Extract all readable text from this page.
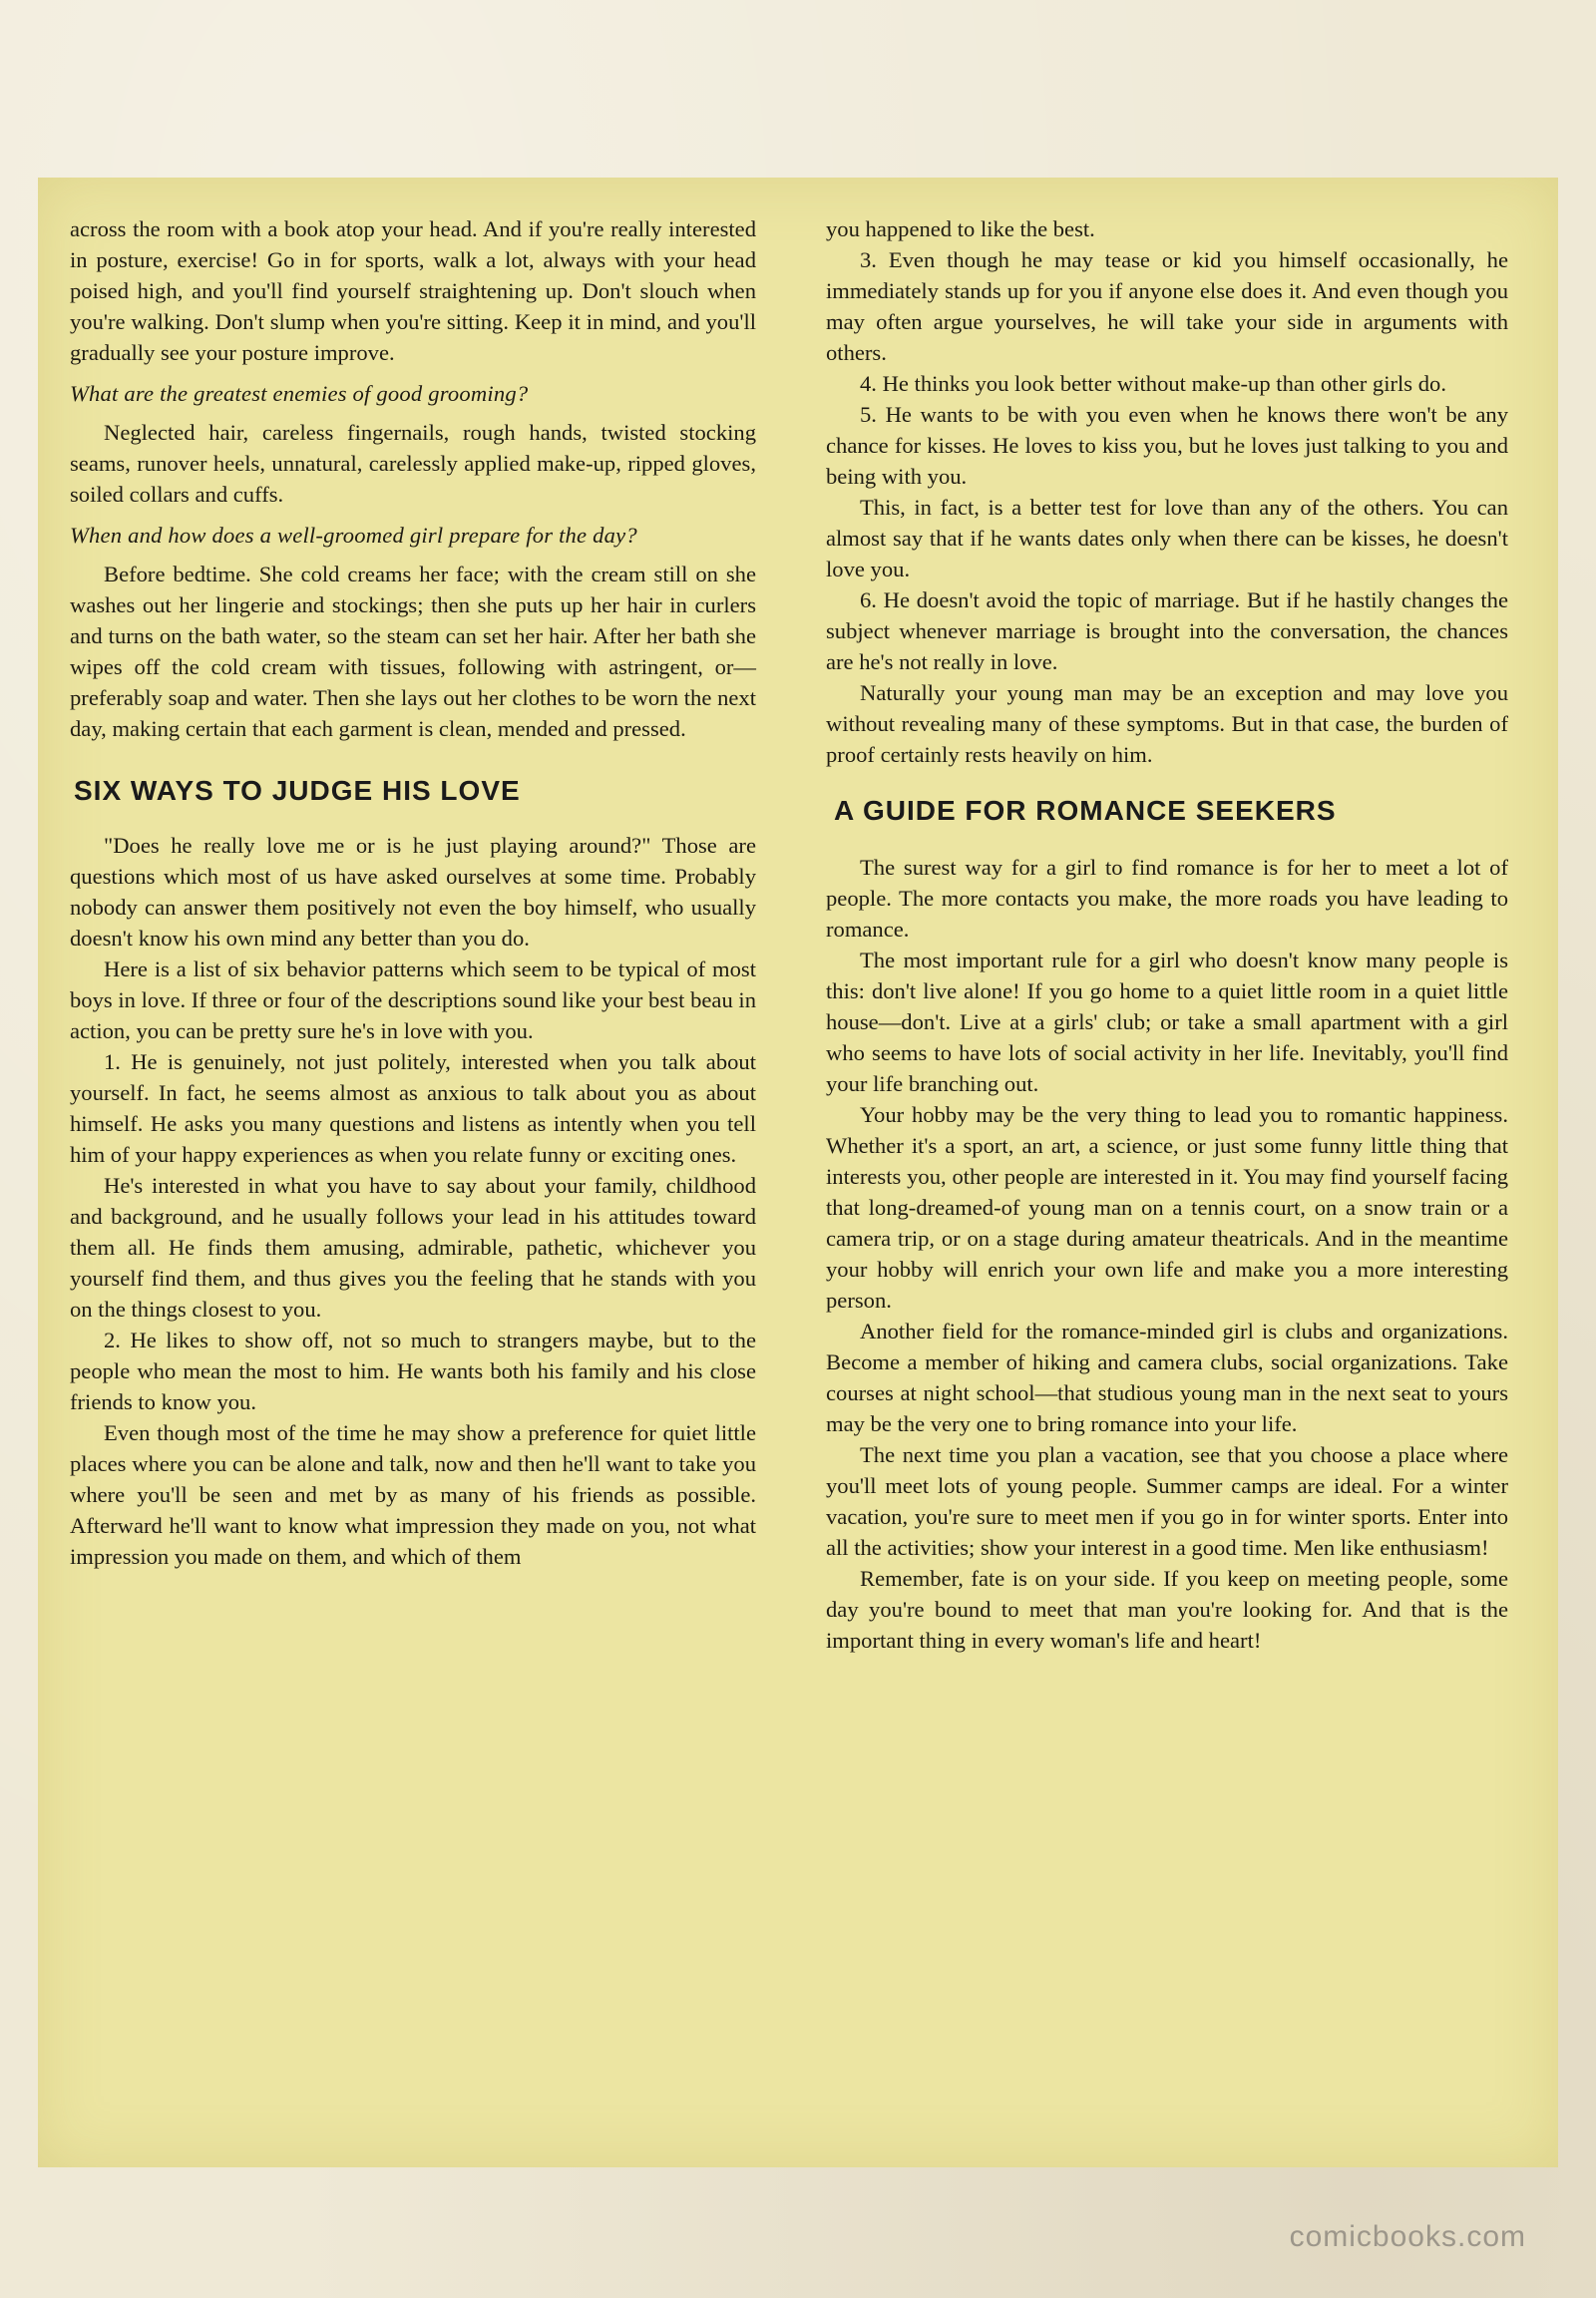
across the room with a book atop your head. And if you're really interested in posture, exercise! Go in for sports, walk a lot, always with your head poised high, and you'll find yourself straightening up. Don't slouch when you're walking. Don't slump when you're sitting. Keep it in mind, and you'll gradually see your posture improve.

What are the greatest enemies of good grooming?

Neglected hair, careless fingernails, rough hands, twisted stocking seams, runover heels, unnatural, carelessly applied make-up, ripped gloves, soiled collars and cuffs.

When and how does a well-groomed girl prepare for the day?

Before bedtime. She cold creams her face; with the cream still on she washes out her lingerie and stockings; then she puts up her hair in curlers and turns on the bath water, so the steam can set her hair. After her bath she wipes off the cold cream with tissues, following with astringent, or—preferably soap and water. Then she lays out her clothes to be worn the next day, making certain that each garment is clean, mended and pressed.

SIX WAYS TO JUDGE HIS LOVE

"Does he really love me or is he just playing around?" Those are questions which most of us have asked ourselves at some time. Probably nobody can answer them positively not even the boy himself, who usually doesn't know his own mind any better than you do.

Here is a list of six behavior patterns which seem to be typical of most boys in love. If three or four of the descriptions sound like your best beau in action, you can be pretty sure he's in love with you.

1. He is genuinely, not just politely, interested when you talk about yourself. In fact, he seems almost as anxious to talk about you as about himself. He asks you many questions and listens as intently when you tell him of your happy experiences as when you relate funny or exciting ones.

He's interested in what you have to say about your family, childhood and background, and he usually follows your lead in his attitudes toward them all. He finds them amusing, admirable, pathetic, whichever you yourself find them, and thus gives you the feeling that he stands with you on the things closest to you.

2. He likes to show off, not so much to strangers maybe, but to the people who mean the most to him. He wants both his family and his close friends to know you.

Even though most of the time he may show a preference for quiet little places where you can be alone and talk, now and then he'll want to take you where you'll be seen and met by as many of his friends as possible. Afterward he'll want to know what impression they made on you, not what impression you made on them, and which of them

you happened to like the best.

3. Even though he may tease or kid you himself occasionally, he immediately stands up for you if anyone else does it. And even though you may often argue yourselves, he will take your side in arguments with others.

4. He thinks you look better without make-up than other girls do.

5. He wants to be with you even when he knows there won't be any chance for kisses. He loves to kiss you, but he loves just talking to you and being with you.

This, in fact, is a better test for love than any of the others. You can almost say that if he wants dates only when there can be kisses, he doesn't love you.

6. He doesn't avoid the topic of marriage. But if he hastily changes the subject whenever marriage is brought into the conversation, the chances are he's not really in love.

Naturally your young man may be an exception and may love you without revealing many of these symptoms. But in that case, the burden of proof certainly rests heavily on him.

A GUIDE FOR ROMANCE SEEKERS

The surest way for a girl to find romance is for her to meet a lot of people. The more contacts you make, the more roads you have leading to romance.

The most important rule for a girl who doesn't know many people is this: don't live alone! If you go home to a quiet little room in a quiet little house—don't. Live at a girls' club; or take a small apartment with a girl who seems to have lots of social activity in her life. Inevitably, you'll find your life branching out.

Your hobby may be the very thing to lead you to romantic happiness. Whether it's a sport, an art, a science, or just some funny little thing that interests you, other people are interested in it. You may find yourself facing that long-dreamed-of young man on a tennis court, on a snow train or a camera trip, or on a stage during amateur theatricals. And in the meantime your hobby will enrich your own life and make you a more interesting person.

Another field for the romance-minded girl is clubs and organizations. Become a member of hiking and camera clubs, social organizations. Take courses at night school—that studious young man in the next seat to yours may be the very one to bring romance into your life.

The next time you plan a vacation, see that you choose a place where you'll meet lots of young people. Summer camps are ideal. For a winter vacation, you're sure to meet men if you go in for winter sports. Enter into all the activities; show your interest in a good time. Men like enthusiasm!

Remember, fate is on your side. If you keep on meeting people, some day you're bound to meet that man you're looking for. And that is the important thing in every woman's life and heart!

comicbooks.com
